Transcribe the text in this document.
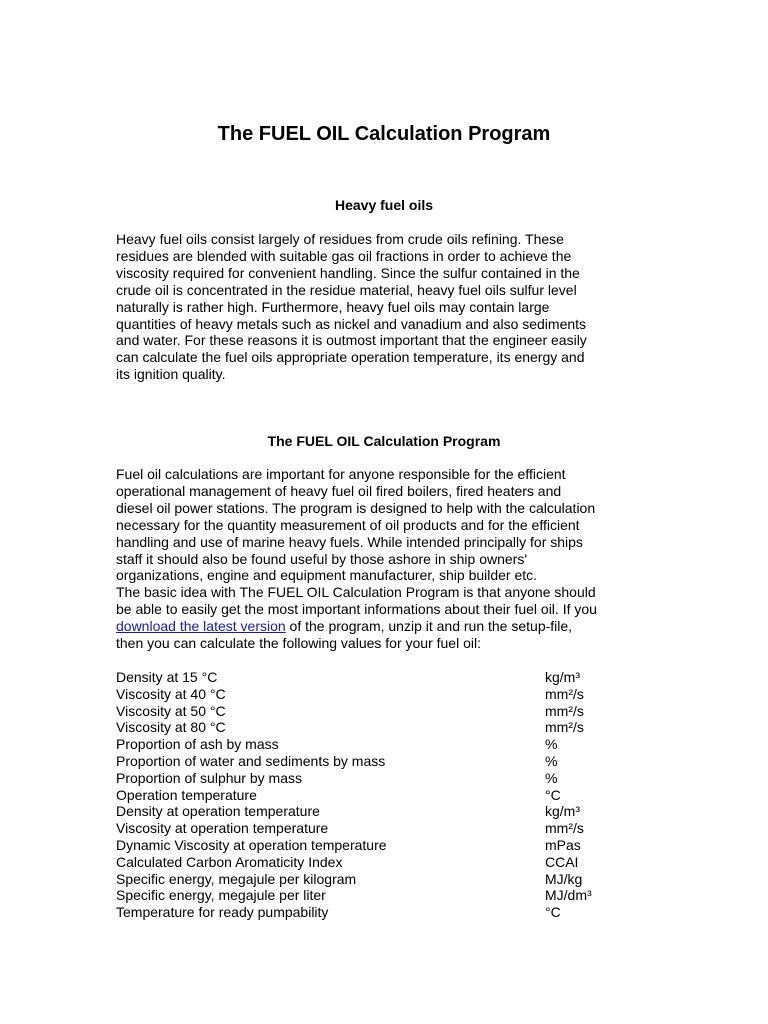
The FUEL OIL Calculation Program
Heavy fuel oils

Heavy fuel oils consist largely of residues from crude oils refining. These
residues are blended with suitable gas oil fractions in order to achieve the
viscosity required for convenient handling. Since the sulfur contained in the
crude oil is concentrated in the residue material, heavy fuel oils sulfur level
naturally is rather high. Furthermore, heavy fuel oils may contain large
quantities of heavy metals such as nickel and vanadium and also sediments
and water. For these reasons it is outmost important that the engineer easily
can calculate the fuel oils appropriate operation temperature, its energy and
its ignition quality.

The FUEL OIL Calculation Program

Fuel oil calculations are important for anyone responsible for the efficient
operational management of heavy fuel oil fired boilers, fired heaters and
diesel oil power stations. The program is designed to help with the calculation
necessary for the quantity measurement of oil products and for the efficient
handling and use of marine heavy fuels. While intended principally for ships
staff it should also be found useful by those ashore in ship owners'
organizations, engine and equipment manufacturer, ship builder etc.
The basic idea with The FUEL OIL Calculation Program is that anyone should
be able to easily get the most important informations about their fuel oil. If you
download the latest version of the program, unzip it and run the setup-file,
then you can calculate the following values for your fuel oil:

Density at 15 °C	kg/m³
Viscosity at 40 °C	mm²/s
Viscosity at 50 °C	mm²/s
Viscosity at 80 °C	mm²/s
Proportion of ash by mass	%
Proportion of water and sediments by mass	%
Proportion of sulphur by mass	%
Operation temperature	°C
Density at operation temperature	kg/m³
Viscosity at operation temperature	mm²/s
Dynamic Viscosity at operation temperature	mPas
Calculated Carbon Aromaticity Index	CCAI
Specific energy, megajule per kilogram	MJ/kg
Specific energy, megajule per liter	MJ/dm³
Temperature for ready pumpability	°C
